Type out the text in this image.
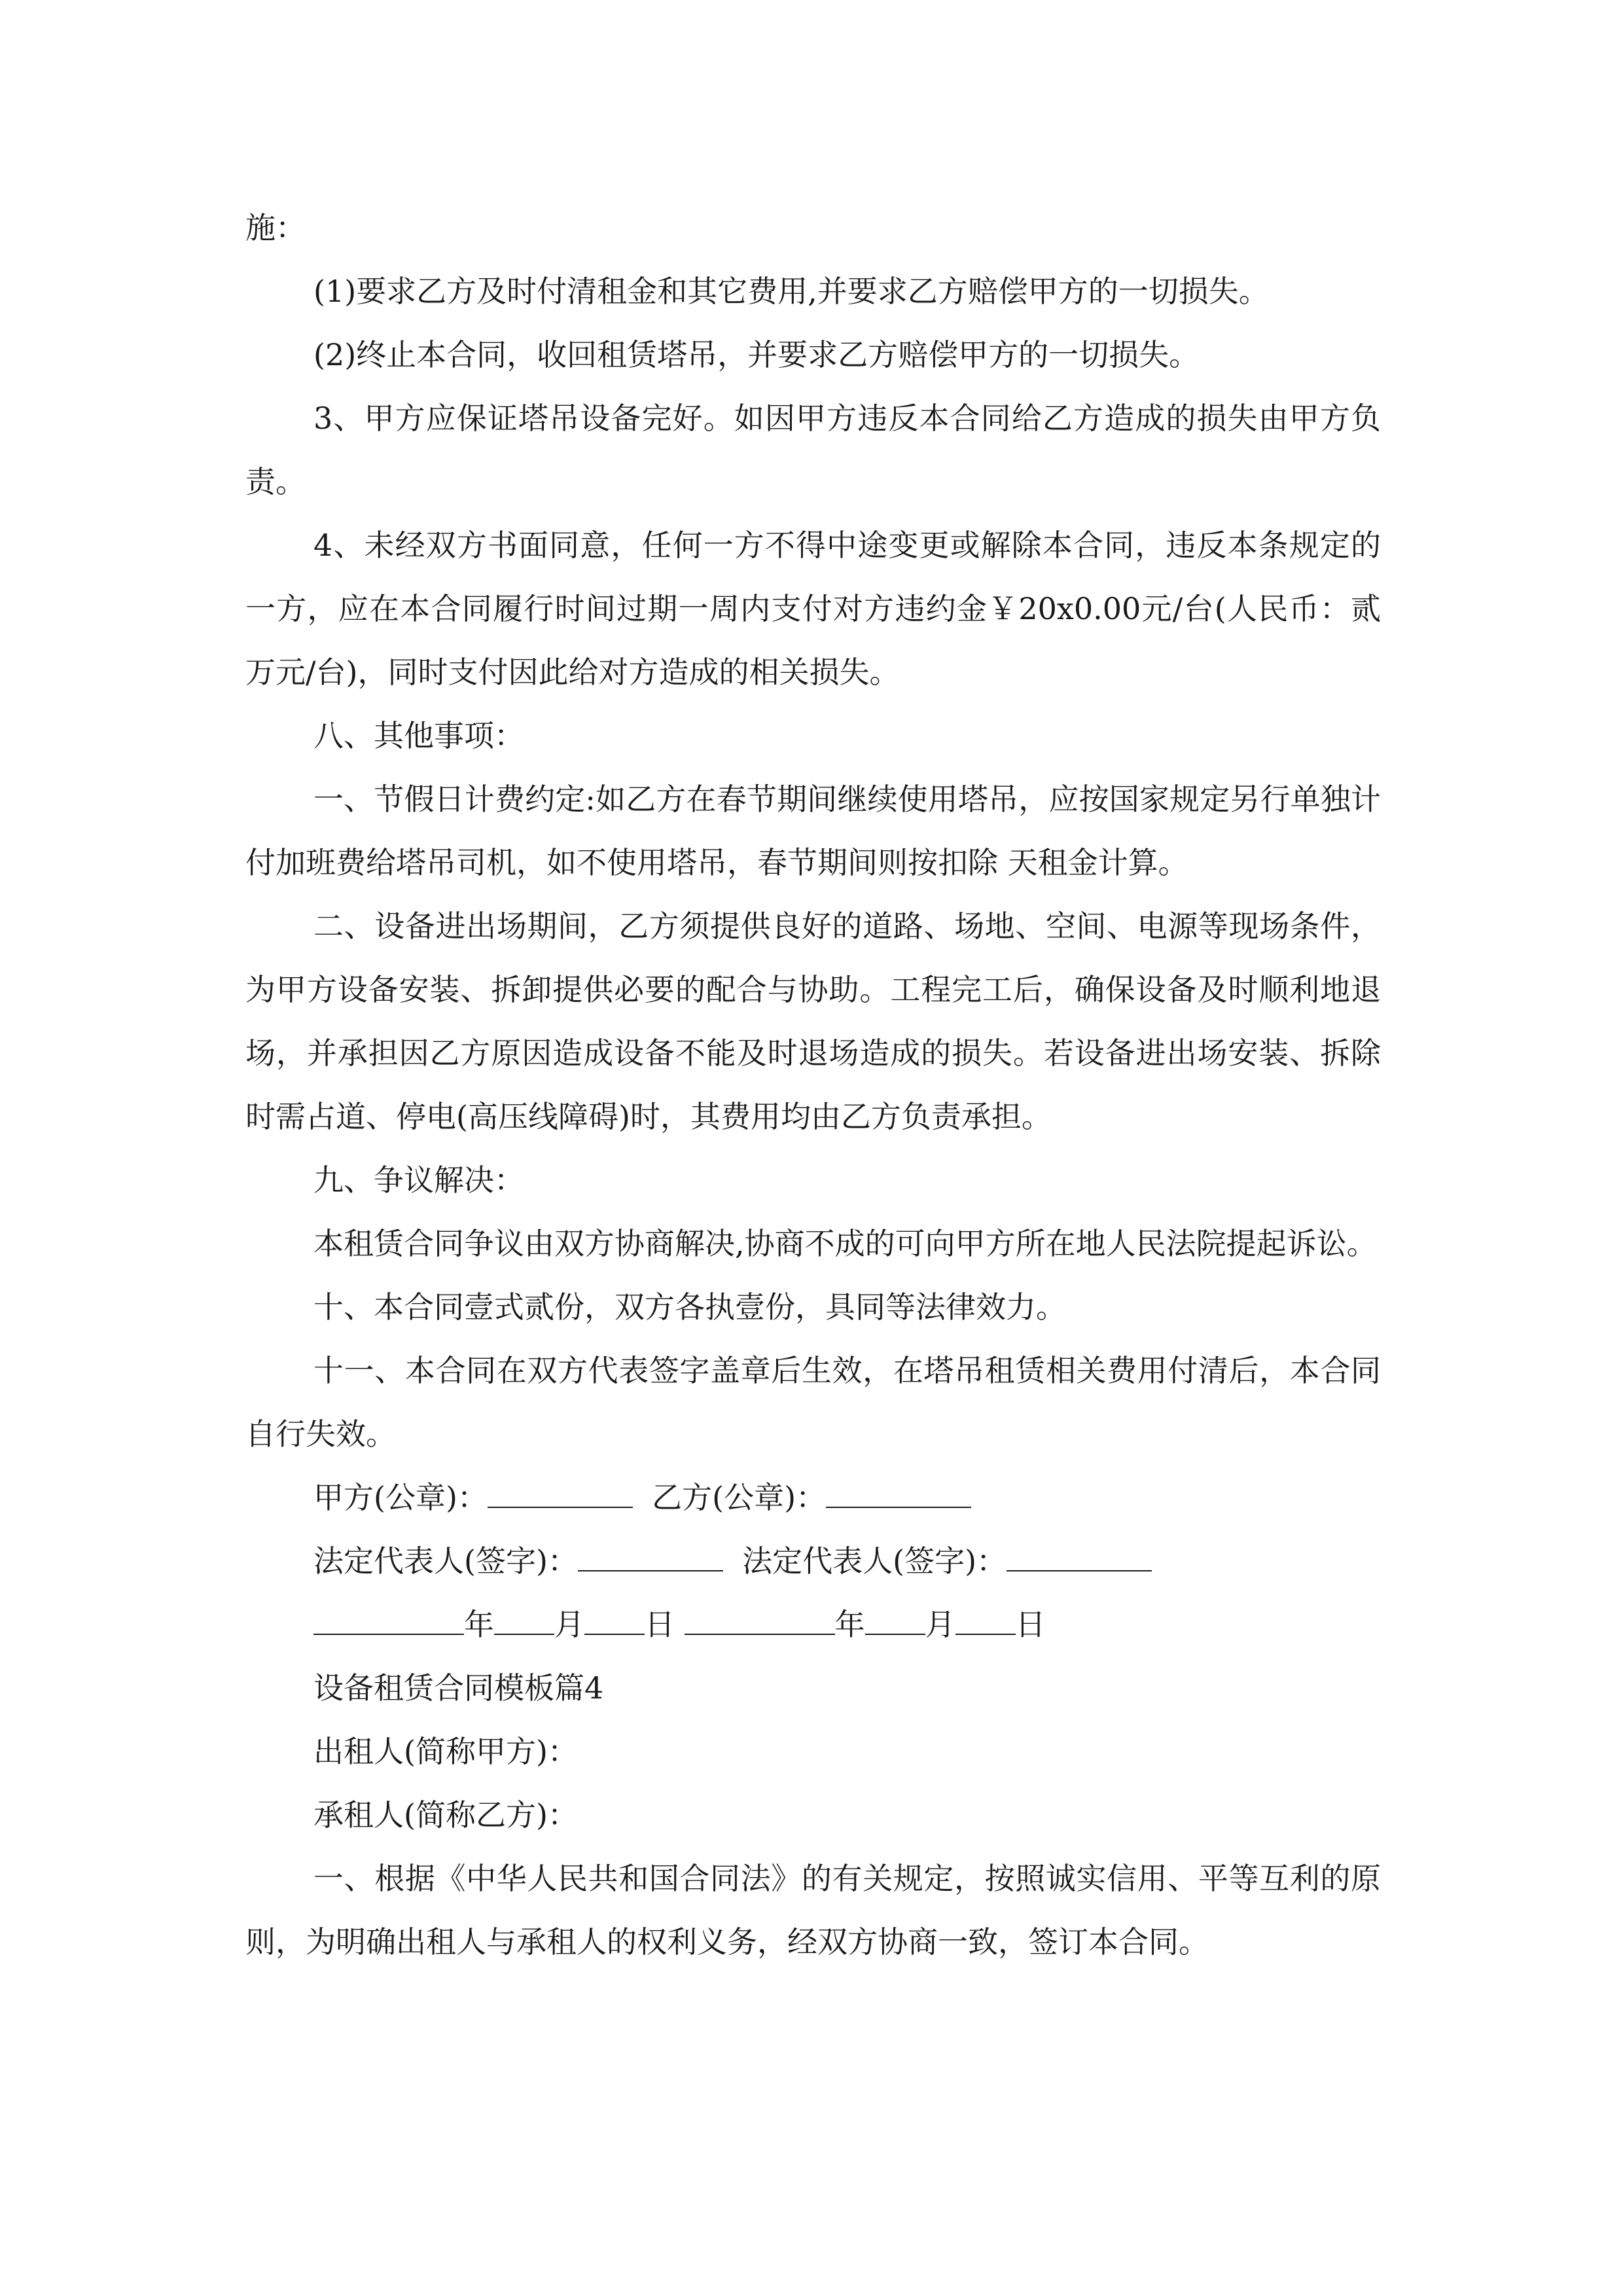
施：

(1)要求乙方及时付清租金和其它费用,并要求乙方赔偿甲方的一切损失。

(2)终止本合同，收回租赁塔吊，并要求乙方赔偿甲方的一切损失。

3、甲方应保证塔吊设备完好。如因甲方违反本合同给乙方造成的损失由甲方负责。

4、未经双方书面同意，任何一方不得中途变更或解除本合同，违反本条规定的一方，应在本合同履行时间过期一周内支付对方违约金￥20x0.00元/台(人民币：贰万元/台)，同时支付因此给对方造成的相关损失。

八、其他事项：

一、节假日计费约定:如乙方在春节期间继续使用塔吊，应按国家规定另行单独计付加班费给塔吊司机，如不使用塔吊，春节期间则按扣除 天租金计算。

二、设备进出场期间，乙方须提供良好的道路、场地、空间、电源等现场条件，为甲方设备安装、拆卸提供必要的配合与协助。工程完工后，确保设备及时顺利地退场，并承担因乙方原因造成设备不能及时退场造成的损失。若设备进出场安装、拆除时需占道、停电(高压线障碍)时，其费用均由乙方负责承担。

九、争议解决：

本租赁合同争议由双方协商解决,协商不成的可向甲方所在地人民法院提起诉讼。

十、本合同壹式贰份，双方各执壹份，具同等法律效力。

十一、本合同在双方代表签字盖章后生效，在塔吊租赁相关费用付清后，本合同自行失效。

甲方(公章)：	乙方(公章)：

法定代表人(签字)：	法定代表人(签字)：

年 月 日	年 月 日

设备租赁合同模板篇4

出租人(简称甲方)：

承租人(简称乙方)：

一、根据《中华人民共和国合同法》的有关规定，按照诚实信用、平等互利的原则，为明确出租人与承租人的权利义务，经双方协商一致，签订本合同。
